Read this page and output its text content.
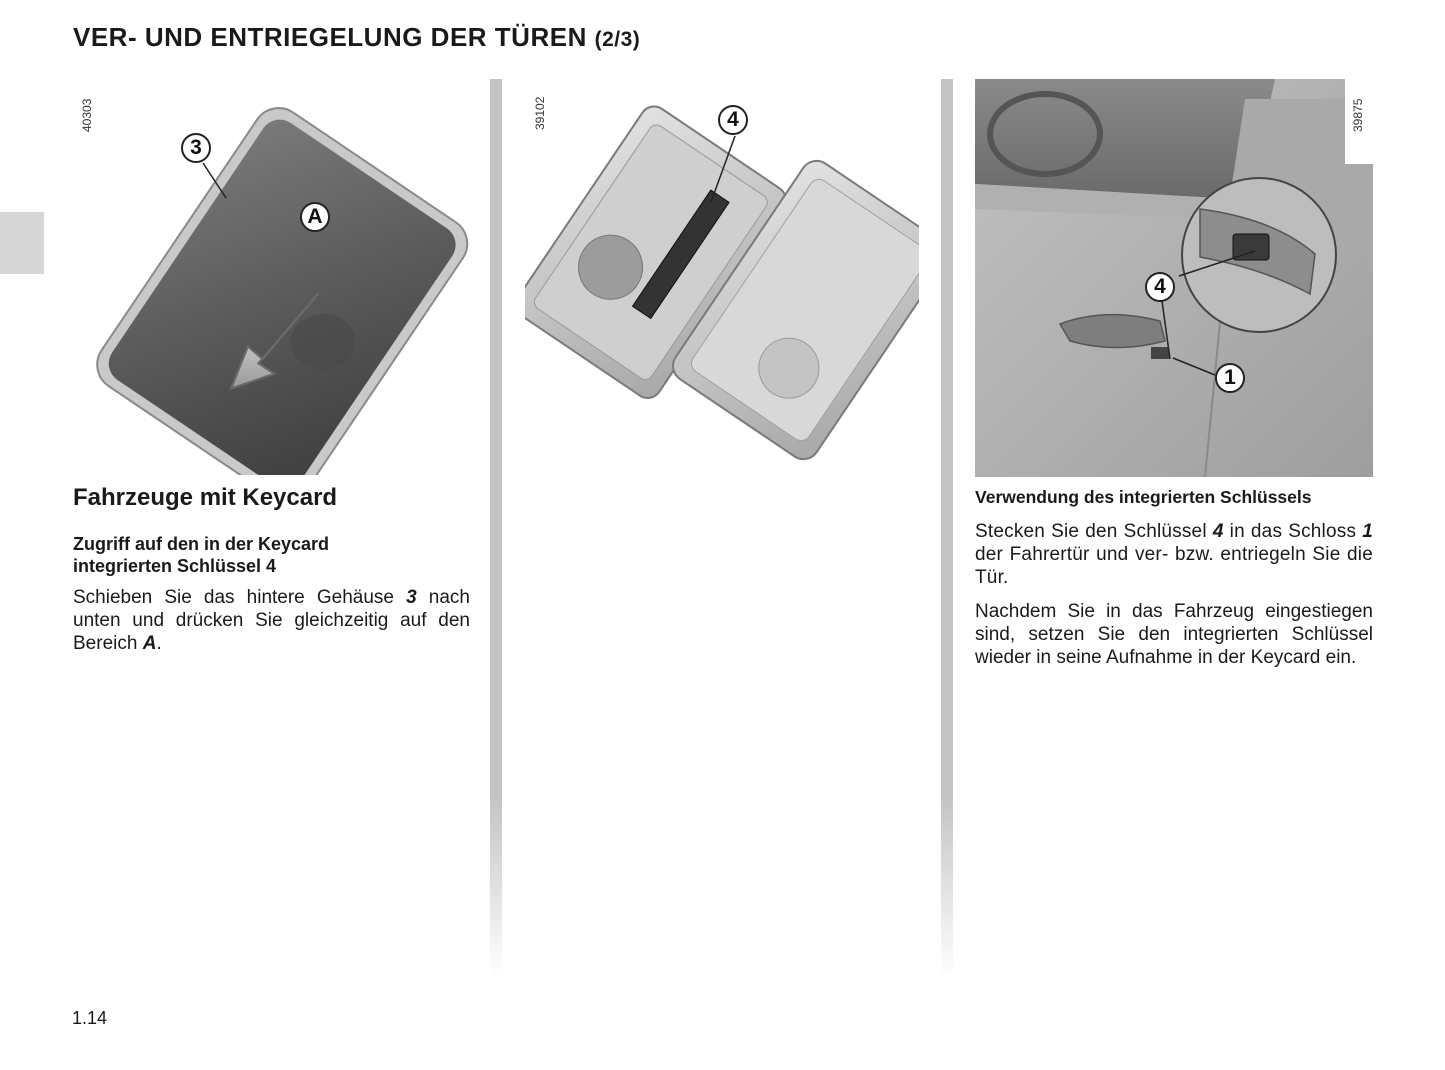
VER- UND ENTRIEGELUNG DER TÜREN (2/3)
3
A
40303	4
39102
4
1
39875
Fahrzeuge mit Keycard
Zugriff auf den in der Keycard
integrierten Schlüssel 4

Schieben Sie das hintere Gehäuse 3 nach unten und drücken Sie gleichzeitig auf den Bereich A.

Verwendung des integrierten Schlüssels

Stecken Sie den Schlüssel 4 in das Schloss 1 der Fahrertür und ver- bzw. entriegeln Sie die Tür.

Nachdem Sie in das Fahrzeug eingestiegen sind, setzen Sie den integrierten Schlüssel wieder in seine Aufnahme in der Keycard ein.

1.14
